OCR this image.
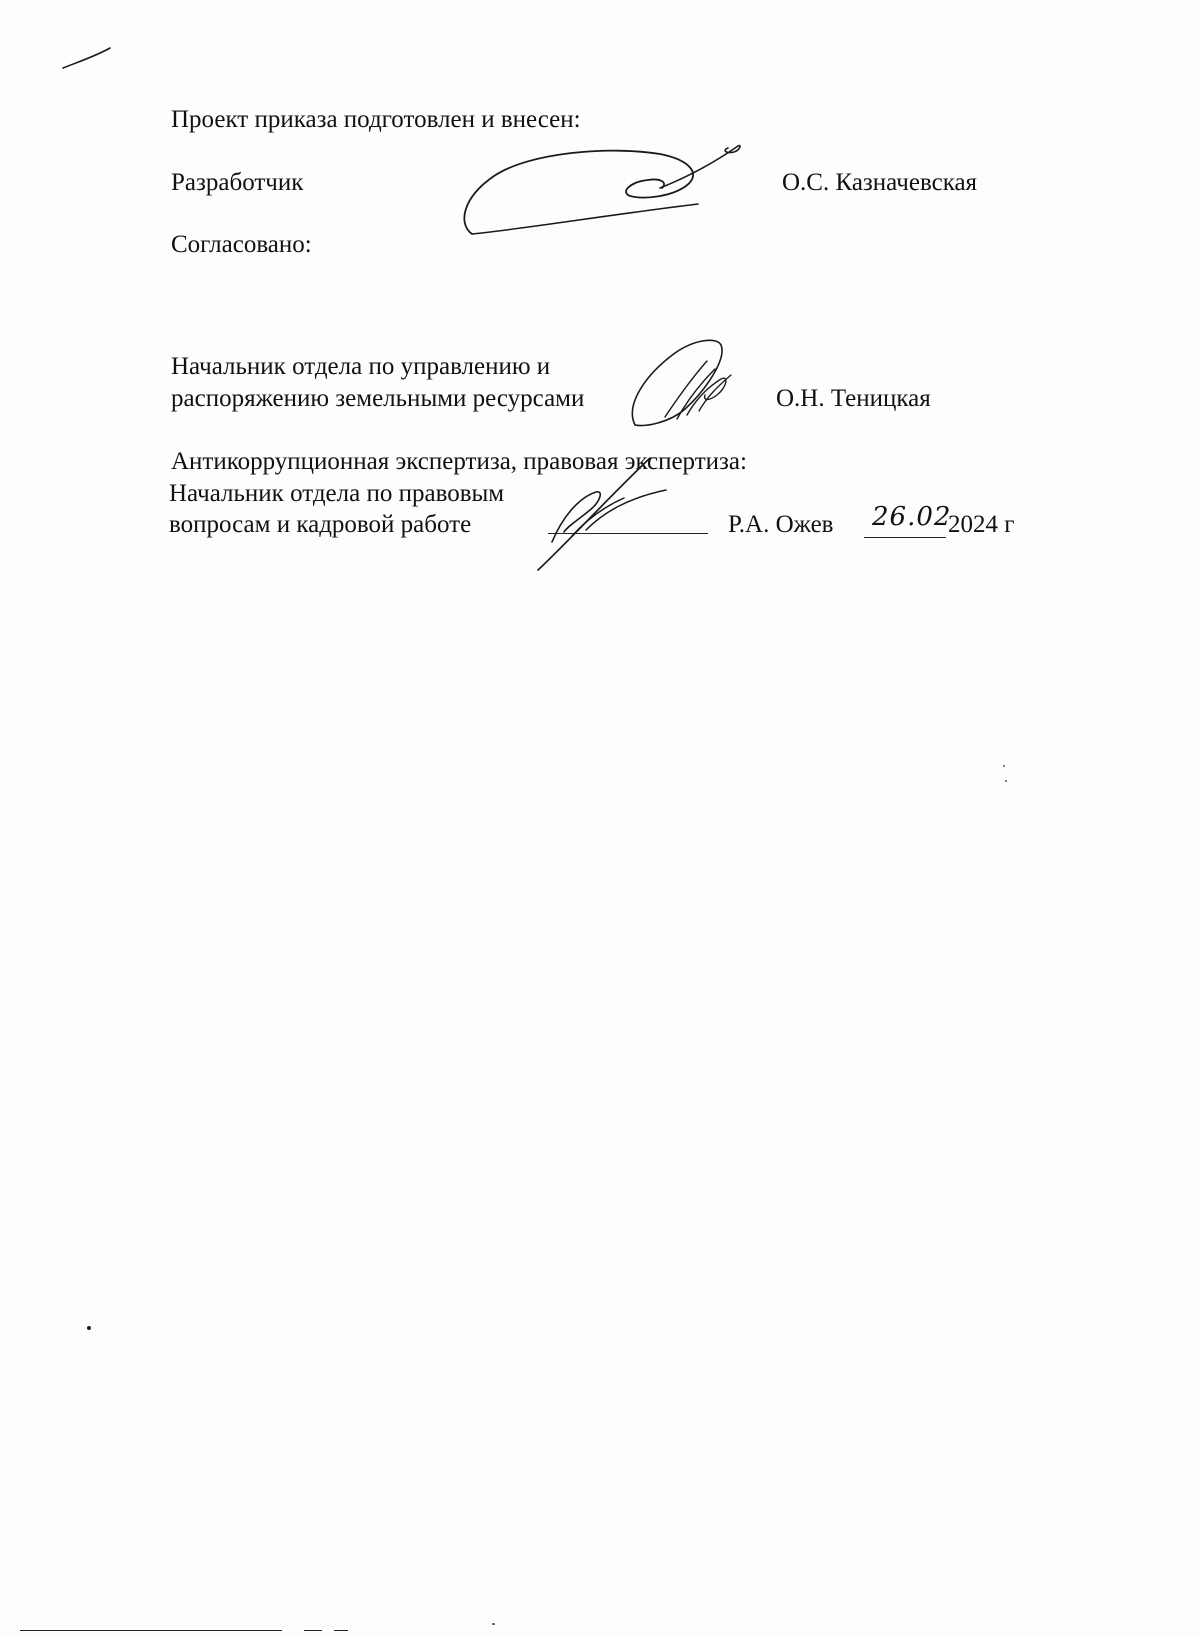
Проект приказа подготовлен и внесен:
Разработчик	О.С. Казначевская
Согласовано:
Начальник отдела по управлению и
распоряжению земельными ресурсами	О.Н. Теницкая
Антикоррупционная экспертиза, правовая экспертиза:
Начальник отдела по правовым
вопросам и кадровой работе	Р.А. Ожев 26.02
2024 г
